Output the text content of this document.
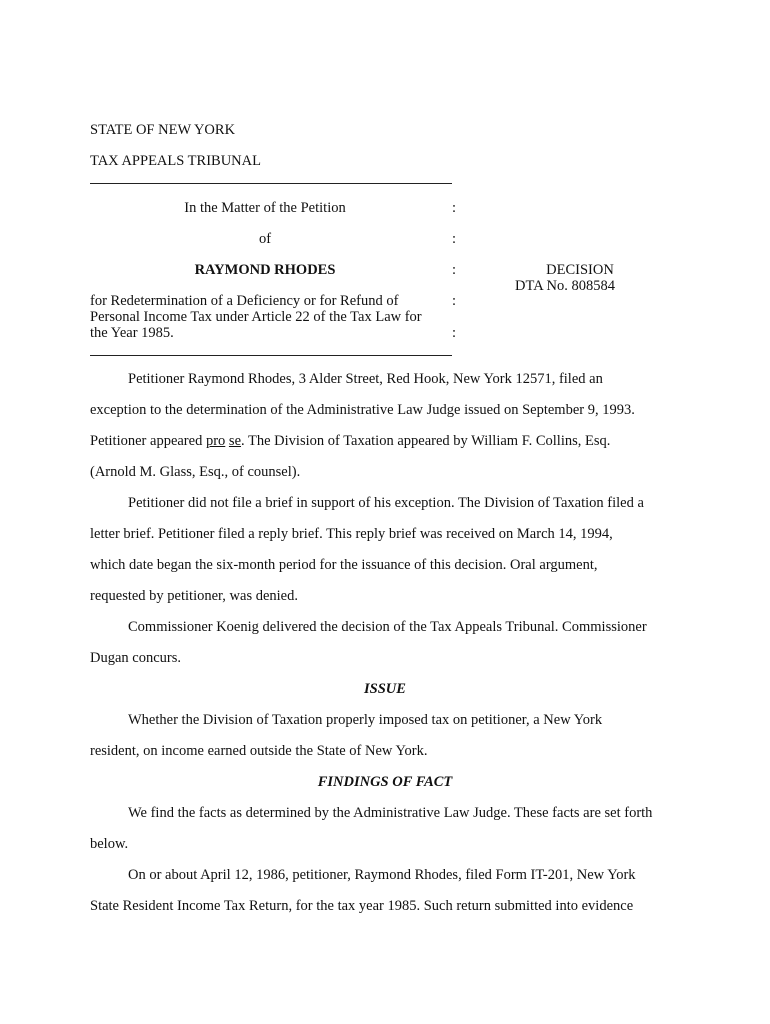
STATE OF NEW YORK
TAX APPEALS TRIBUNAL
In the Matter of the Petition	:
of	:
RAYMOND RHODES	:	DECISION
DTA No. 808584
for Redetermination of a Deficiency or for Refund of	:
Personal Income Tax under Article 22 of the Tax Law for
the Year 1985.	:
Petitioner Raymond Rhodes, 3 Alder Street, Red Hook, New York 12571, filed an
exception to the determination of the Administrative Law Judge issued on September 9, 1993.
Petitioner appeared pro se. The Division of Taxation appeared by William F. Collins, Esq.
(Arnold M. Glass, Esq., of counsel).
Petitioner did not file a brief in support of his exception. The Division of Taxation filed a
letter brief. Petitioner filed a reply brief. This reply brief was received on March 14, 1994,
which date began the six-month period for the issuance of this decision. Oral argument,
requested by petitioner, was denied.
Commissioner Koenig delivered the decision of the Tax Appeals Tribunal. Commissioner
Dugan concurs.
ISSUE
Whether the Division of Taxation properly imposed tax on petitioner, a New York
resident, on income earned outside the State of New York.
FINDINGS OF FACT
We find the facts as determined by the Administrative Law Judge. These facts are set forth
below.
On or about April 12, 1986, petitioner, Raymond Rhodes, filed Form IT-201, New York
State Resident Income Tax Return, for the tax year 1985. Such return submitted into evidence
